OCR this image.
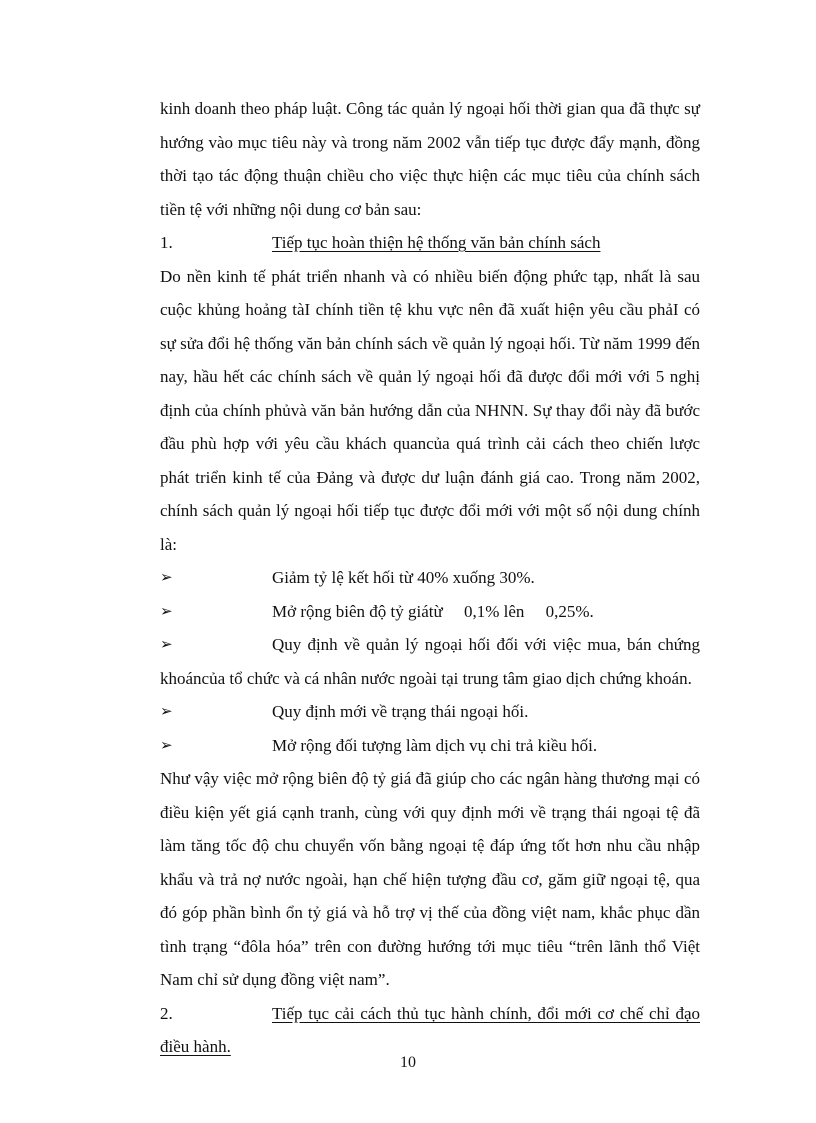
kinh doanh theo pháp luật. Công tác quản lý ngoại hối thời gian qua đã thực sự hướng vào mục tiêu này và trong năm 2002 vẫn tiếp tục được đẩy mạnh, đồng thời tạo tác động thuận chiều cho việc thực hiện các mục tiêu của chính sách tiền tệ với những nội dung cơ bản sau:

1.	Tiếp tục hoàn thiện hệ thống văn bản chính sách

Do nền kinh tế phát triển nhanh và có nhiều biến động phức tạp, nhất là sau cuộc khủng hoảng tàI chính tiền tệ khu vực nên đã xuất hiện yêu cầu phảI có sự sửa đổi hệ thống văn bản chính sách về quản lý ngoại hối. Từ năm 1999 đến nay, hầu hết các chính sách về quản lý ngoại hối đã được đổi mới với 5 nghị định của chính phủvà văn bản hướng dẫn của NHNN. Sự thay đổi này đã bước đầu phù hợp với yêu cầu khách quancủa quá trình cải cách theo chiến lược phát triển kinh tế của Đảng và được dư luận đánh giá cao. Trong năm 2002, chính sách quản lý ngoại hối tiếp tục được đổi mới với một số nội dung chính là:

➢	Giảm tỷ lệ kết hối từ 40% xuống 30%.
➢	Mở rộng biên độ tỷ giátừ     0,1% lên     0,25%.

➢	Quy định về quản lý ngoại hối đối với việc mua, bán chứng khoáncủa tổ chức và cá nhân nước ngoài tại trung tâm giao dịch chứng khoán.

➢	Quy định mới về trạng thái ngoại hối.
➢	Mở rộng đối tượng làm dịch vụ chi trả kiều hối.

Như vậy việc mở rộng biên độ tỷ giá đã giúp cho các ngân hàng thương mại có điều kiện yết giá cạnh tranh, cùng với quy định mới về trạng thái ngoại tệ đã làm tăng tốc độ chu chuyển vốn bằng ngoại tệ đáp ứng tốt hơn nhu cầu nhập khẩu và trả nợ nước ngoài, hạn chế hiện tượng đầu cơ, găm giữ ngoại tệ, qua đó góp phần bình ổn tỷ giá và hỗ trợ vị thế của đồng việt nam, khắc phục dần tình trạng “đôla hóa” trên con đường hướng tới mục tiêu “trên lãnh thổ Việt Nam chỉ sử dụng đồng việt nam”.

2.	Tiếp tục cải cách thủ tục hành chính, đổi mới cơ chế chỉ đạo

điều hành.

10
